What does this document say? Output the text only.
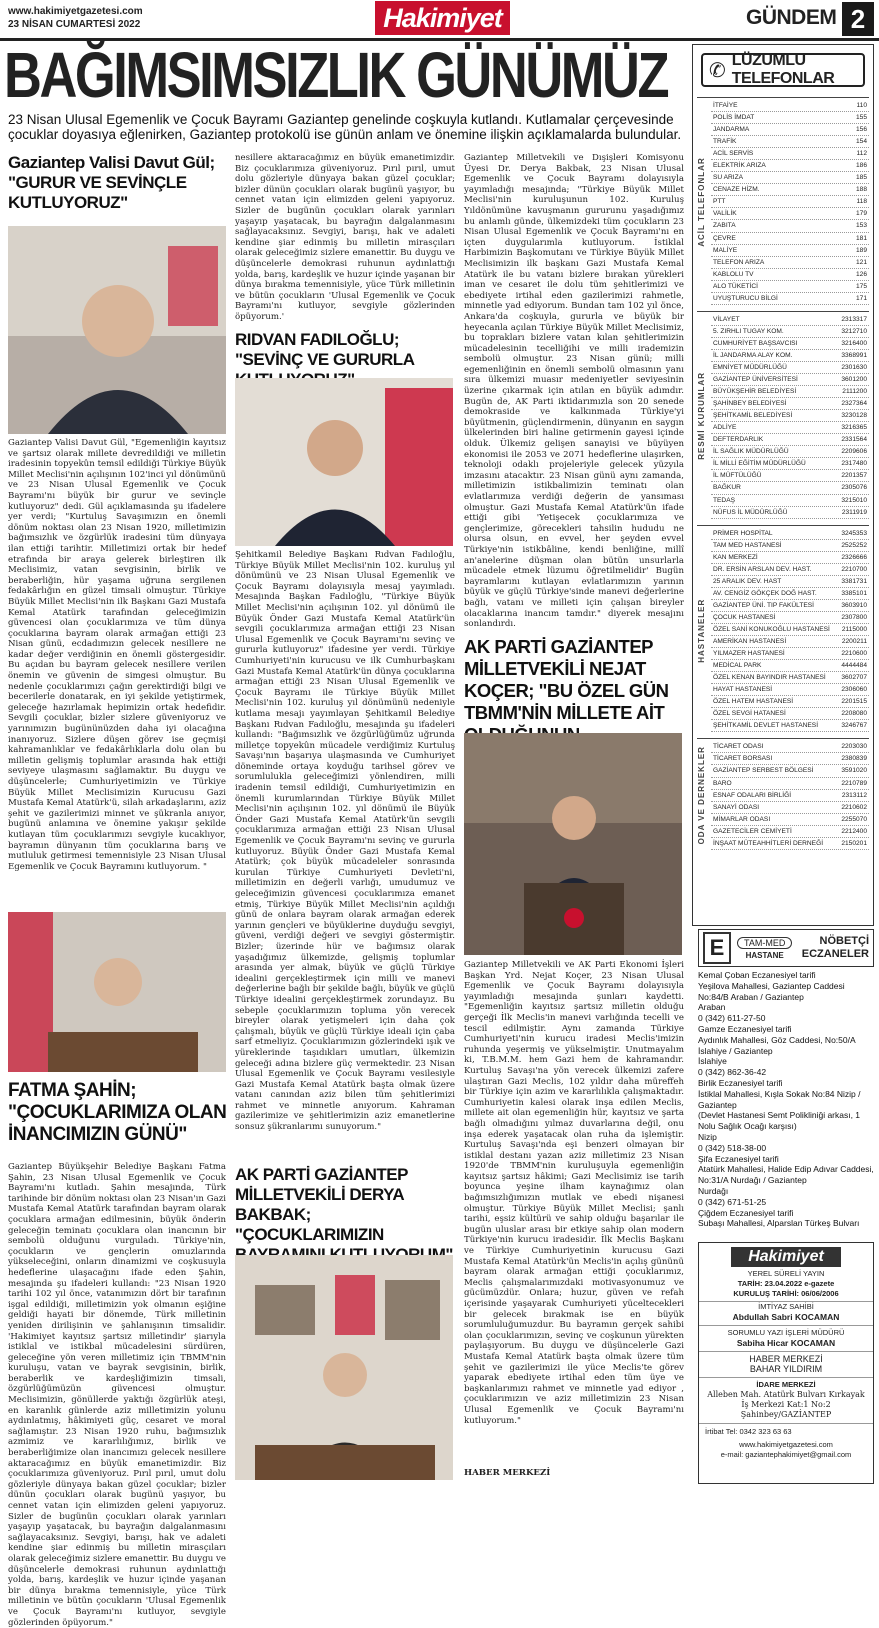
www.hakimiyetgazetesi.com
23 NİSAN CUMARTESİ 2022	Hakimiyet	GÜNDEM 2
BAĞIMSIMSIZLIK GÜNÜMÜZ
23 Nisan Ulusal Egemenlik ve Çocuk Bayramı Gaziantep genelinde coşkuyla kutlandı. Kutlamalar çerçevesinde çocuklar doyasıya eğlenirken, Gaziantep protokolü ise günün anlam ve önemine ilişkin açıklamalarda bulundular.
Gaziantep Valisi Davut Gül; "GURUR VE SEVİNÇLE KUTLUYORUZ"
Gaziantep Valisi Davut Gül, "Egemenliğin kayıtsız ve şartsız olarak millete devredildiği ve milletin iradesinin topyekûn temsil edildiği Türkiye Büyük Millet Meclisi'nin açılışının 102'inci yıl dönümünü ve 23 Nisan Ulusal Egemenlik ve Çocuk Bayramı'nı büyük bir gurur ve sevinçle kutluyoruz" dedi. Gül açıklamasında şu ifadelere yer verdi; "Kurtuluş Savaşımızın en önemli dönüm noktası olan 23 Nisan 1920, milletimizin bağımsızlık ve özgürlük iradesini tüm dünyaya ilan ettiği tarihtir. Milletimizi ortak bir hedef etrafında bir araya gelerek birleştiren ilk Meclisimiz, vatan sevgisinin, birlik ve beraberliğin, hür yaşama uğruna sergilenen fedakârlığın en güzel timsali olmuştur. Türkiye Büyük Millet Meclisi'nin ilk Başkanı Gazi Mustafa Kemal Atatürk tarafından geleceğimizin güvencesi olan çocuklarımıza ve tüm dünya çocuklarına bayram olarak armağan ettiği 23 Nisan günü, ecdadımızın gelecek nesillere ne kadar değer verdiğinin en önemli göstergesidir. Bu açıdan bu bayram gelecek nesillere verilen önemin ve güvenin de simgesi olmuştur. Bu nedenle çocuklarımızı çağın gerektirdiği bilgi ve becerilerle donatarak, en iyi şekilde yetiştirmek, geleceğe hazırlamak hepimizin ortak hedefidir. Sevgili çocuklar, bizler sizlere güveniyoruz ve yarınımızın bugününüzden daha iyi olacağına inanıyoruz. Sizlere düşen görev ise geçmişi kahramanlıklar ve fedakârlıklarla dolu olan bu milletin gelişmiş toplumlar arasında hak ettiği seviyeye ulaşmasını sağlamaktır. Bu duygu ve düşüncelerle; Cumhuriyetimizin ve Türkiye Büyük Millet Meclisimizin Kurucusu Gazi Mustafa Kemal Atatürk'ü, silah arkadaşlarını, aziz şehit ve gazilerimizi minnet ve şükranla anıyor, bugünü anlamına ve önemine yakışır şekilde kutlayan tüm çocuklarımızı sevgiyle kucaklıyor, bayramın dünyanın tüm çocuklarına barış ve mutluluk getirmesi temennisiyle 23 Nisan Ulusal Egemenlik ve Çocuk Bayramını kutluyorum. "
FATMA ŞAHİN; "ÇOCUKLARIMIZA OLAN İNANCIMIZIN GÜNÜ"
Gaziantep Büyükşehir Belediye Başkanı Fatma Şahin, 23 Nisan Ulusal Egemenlik ve Çocuk Bayramı'nı kutladı. Şahin mesajında, Türk tarihinde bir dönüm noktası olan 23 Nisan'ın Gazi Mustafa Kemal Atatürk tarafından bayram olarak çocuklara armağan edilmesinin, büyük önderin geleceğin teminatı çocuklara olan inancının bir sembolü olduğunu vurguladı. Türkiye'nin, çocukların ve gençlerin omuzlarında yükseleceğini, onların dinamizmi ve coşkusuyla hedeflerine ulaşacağını ifade eden Şahin, mesajında şu ifadeleri kullandı: "23 Nisan 1920 tarihi 102 yıl önce, vatanımızın dört bir tarafının işgal edildiği, milletimizin yok olmanın eşiğine geldiği hayati bir dönemde, Türk milletinin yeniden dirilişinin ve şahlanışının timsalidir. 'Hakimiyet kayıtsız şartsız milletindir' şiarıyla istiklal ve istikbal mücadelesini sürdüren, geleceğine yön veren milletimiz için TBMM'nin kuruluşu, vatan ve bayrak sevgisinin, birlik, beraberlik ve kardeşliğimizin timsali, özgürlüğümüzün güvencesi olmuştur. Meclisimizin, gönüllerde yaktığı özgürlük ateşi, en karanlık günlerde aziz milletimizin yolunu aydınlatmış, hâkimiyeti güç, cesaret ve moral sağlamıştır. 23 Nisan 1920 ruhu, bağımsızlık azmimiz ve kararlılığımız, birlik ve beraberliğimize olan inancımızı gelecek nesillere aktaracağımız en büyük emanetimizdir. Biz çocuklarımıza güveniyoruz. Pırıl pırıl, umut dolu gözleriyle dünyaya bakan güzel çocuklar; bizler dünün çocukları olarak bugünü yaşıyor, bu cennet vatan için elimizden geleni yapıyoruz. Sizler de bugünün çocukları olarak yarınları yaşayıp yaşatacak, bu bayrağın dalgalanmasını sağlayacaksınız. Sevgiyi, barışı, hak ve adaleti kendine şiar edinmiş bu milletin mirasçıları olarak geleceğimiz sizlere emanettir. Bu duygu ve düşüncelerle demokrasi ruhunun aydınlattığı yolda, barış, kardeşlik ve huzur içinde yaşanan bir dünya bırakma temennisiyle, yüce Türk milletinin ve bütün çocukların 'Ulusal Egemenlik ve Çocuk Bayramı'nı kutluyor, sevgiyle gözlerinden öpüyorum."
nesillere aktaracağımız en büyük emanetimizdir. Biz çocuklarımıza güveniyoruz. Pırıl pırıl, umut dolu gözleriyle dünyaya bakan güzel çocuklar; bizler dünün çocukları olarak bugünü yaşıyor, bu cennet vatan için elimizden geleni yapıyoruz. Sizler de bugünün çocukları olarak yarınları yaşayıp yaşatacak, bu bayrağın dalgalanmasını sağlayacaksınız. Sevgiyi, barışı, hak ve adaleti kendine şiar edinmiş bu milletin mirasçıları olarak geleceğimiz sizlere emanettir. Bu duygu ve düşüncelerle demokrasi ruhunun aydınlattığı yolda, barış, kardeşlik ve huzur içinde yaşanan bir dünya bırakma temennisiyle, yüce Türk milletinin ve bütün çocukların 'Ulusal Egemenlik ve Çocuk Bayramı'nı kutluyor, sevgiyle gözlerinden öpüyorum.'
RIDVAN FADILOĞLU; "SEVİNÇ VE GURURLA
Şehitkamil Belediye Başkanı Rıdvan Fadıloğlu, Türkiye Büyük Millet Meclisi'nin 102. kuruluş yıl dönümünü ve 23 Nisan Ulusal Egemenlik ve Çocuk Bayramı dolayısıyla mesaj yayımladı. Mesajında Başkan Fadıloğlu, "Türkiye Büyük Millet Meclisi'nin açılışının 102. yıl dönümü ile Büyük Önder Gazi Mustafa Kemal Atatürk'ün sevgili çocuklarımıza armağan ettiği 23 Nisan Ulusal Egemenlik ve Çocuk Bayramı'nı sevinç ve gururla kutluyoruz" ifadesine yer verdi. Türkiye Cumhuriyeti'nin kurucusu ve ilk Cumhurbaşkanı Gazi Mustafa Kemal Atatürk'ün dünya çocuklarına armağan ettiği 23 Nisan Ulusal Egemenlik ve Çocuk Bayramı ile Türkiye Büyük Millet Meclisi'nin 102. kuruluş yıl dönümünü nedeniyle kutlama mesajı yayımlayan Şehitkamil Belediye Başkanı Rıdvan Fadıloğlu, mesajında şu ifadeleri kullandı: "Bağımsızlık ve özgürlüğümüz uğrunda milletçe topyekûn mücadele verdiğimiz Kurtuluş Savaşı'nın başarıya ulaşmasında ve Cumhuriyet döneminde ortaya koyduğu tarihsel görev ve sorumlulukla geleceğimizi yönlendiren, milli iradenin temsil edildiği, Cumhuriyetimizin en önemli kurumlarından Türkiye Büyük Millet Meclisi'nin açılışının 102. yıl dönümü ile Büyük Önder Gazi Mustafa Kemal Atatürk'ün sevgili çocuklarımıza armağan ettiği 23 Nisan Ulusal Egemenlik ve Çocuk Bayramı'nı sevinç ve gururla kutluyoruz. Büyük Önder Gazi Mustafa Kemal Atatürk; çok büyük mücadeleler sonrasında kurulan Türkiye Cumhuriyeti Devleti'ni, milletimizin en değerli varlığı, umudumuz ve geleceğimizin güvencesi çocuklarımıza emanet etmiş, Türkiye Büyük Millet Meclisi'nin açıldığı günü de onlara bayram olarak armağan ederek yarının gençleri ve büyüklerine duyduğu sevgiyi, güveni, verdiği değeri ve sevgiyi göstermiştir. Bizler; üzerinde hür ve bağımsız olarak yaşadığımız ülkemizde, gelişmiş toplumlar arasında yer almak, büyük ve güçlü Türkiye idealini gerçekleştirmek için milli ve manevi değerlerine bağlı bir şekilde bağlı, büyük ve güçlü Türkiye idealini gerçekleştirmek zorundayız. Bu sebeple çocuklarımızın topluma yön verecek bireyler olarak yetişmeleri için daha çok çalışmalı, büyük ve güçlü Türkiye ideali için çaba sarf etmeliyiz. Çocuklarımızın gözlerindeki ışık ve yüreklerinde taşıdıkları umutları, ülkemizin geleceği adına bizlere güç vermektedir. 23 Nisan Ulusal Egemenlik ve Çocuk Bayramı vesilesiyle Gazi Mustafa Kemal Atatürk başta olmak üzere vatanı canından aziz bilen tüm şehitlerimizi rahmet ve minnetle anıyorum. Kahraman gazilerimize ve şehitlerimizin aziz emanetlerine sonsuz şükranlarımı sunuyorum."
AK PARTİ GAZİANTEP MİLLETVEKİLİ DERYA BAKBAK; "ÇOCUKLARIMIZIN
Gaziantep Milletvekili ve Dışişleri Komisyonu Üyesi Dr. Derya Bakbak, 23 Nisan Ulusal Egemenlik ve Çocuk Bayramı dolayısıyla yayımladığı mesajında; "Türkiye Büyük Millet Meclisi'nin kuruluşunun 102. Kuruluş Yıldönümüne kavuşmanın gururunu yaşadığımız bu anlamlı günde, ülkemizdeki tüm çocukların 23 Nisan Ulusal Egemenlik ve Çocuk Bayramı'nı en içten duygularımla kutluyorum. İstiklal Harbimizin Başkomutanı ve Türkiye Büyük Millet Meclisimizin ilk başkanı Gazi Mustafa Kemal Atatürk ile bu vatanı bizlere bırakan yürekleri iman ve cesaret ile dolu tüm şehitlerimizi ve ebediyete irtihal eden gazilerimizi rahmetle, minnetle yad ediyorum. Bundan tam 102 yıl önce, Ankara'da coşkuyla, gururla ve büyük bir heyecanla açılan Türkiye Büyük Millet Meclisimiz, bu toprakları bizlere vatan kılan şehitlerimizin mücadelesinin tecelliğihi ve milli irademizin sembolü olmuştur. 23 Nisan günü; milli egemenliğinin en önemli sembolü olmasının yanı sıra ülkemizi muasır medeniyetler seviyesinin üzerine çıkarmak için atılan en büyük adımdır. Bugün de, AK Parti iktidarımızla son 20 senede demokraside ve kalkınmada Türkiye'yi büyütmenin, güçlendirmenin, dünyanın en saygın ülkelerinden biri haline getirmenin gayesi içinde olduk. Ülkemiz gelişen sanayisi ve büyüyen ekonomisi ile 2053 ve 2071 hedeflerine ulaşırken, teknoloji odaklı projeleriyle gelecek yüzyıla imzasını atacaktır. 23 Nisan günü aynı zamanda, milletimizin istikbalimizin teminatı olan evlatlarımıza verdiği değerin de yansıması olmuştur. Gazi Mustafa Kemal Atatürk'ün ifade ettiği gibi 'Yetişecek çocuklarımıza ve gençlerimize, görecekleri tahsilin hududu ne olursa olsun, en evvel, her şeyden evvel Türkiye'nin istikbâline, kendi benliğine, millî an'anelerine düşman olan bütün unsurlarla mücadele etmek lüzumu öğretilmelidir' Bugün bayramlarını kutlayan evlatlarımızın yarının büyük ve güçlü Türkiye'sinde manevi değerlerine bağlı, vatanı ve milleti için çalışan bireyler olacaklarına inancım tamdır." diyerek mesajını sonlandırdı.
AK PARTİ GAZİANTEP MİLLETVEKİLİ NEJAT KOÇER; "BU ÖZEL GÜN TBMM'NİN MİLLETE AİT
Gaziantep Milletvekili ve AK Parti Ekonomi İşleri Başkan Yrd. Nejat Koçer, 23 Nisan Ulusal Egemenlik ve Çocuk Bayramı dolayısıyla yayımladığı mesajında şunları kaydetti. "Egemenliğin kayıtsız şartsız milletin olduğu gerçeği İlk Meclis'in manevi varlığında tecelli ve tescil edilmiştir. Aynı zamanda Türkiye Cumhuriyeti'nin kurucu iradesi Meclis'imizin ruhunda yeşermiş ve yükselmiştir. Unutmayalım ki, T.B.M.M. hem Gazi hem de kahramandır. Kurtuluş Savaşı'na yön verecek ülkemizi zafere ulaştıran Gazi Meclis, 102 yıldır daha müreffeh bir Türkiye için azim ve kararlılıkla çalışmaktadır. Cumhuriyetin kalesi olarak inşa edilen Meclis, millete ait olan egemenliğin hür, kayıtsız ve şarta bağlı olmadığını yılmaz duvarlarına değil, onu inşa ederek yaşatacak olan ruha da işlemiştir. Kurtuluş Savaşı'nda eşi benzeri olmayan bir istiklal destanı yazan aziz milletimiz 23 Nisan 1920'de TBMM'nin kuruluşuyla egemenliğin kayıtsız şartsız hâkimi; Gazi Meclisimiz ise tarih boyunca yeşine ilham kaynağımız olan bağımsızlığımızın mutlak ve ebedi nişanesi olmuştur. Türkiye Büyük Millet Meclisi; şanlı tarihi, eşsiz kültürü ve sahip olduğu başarılar ile bugün uluslar arası bir etkiye sahip olan modern Türkiye'nin kurucu iradesidir. İlk Meclis Başkanı ve Türkiye Cumhuriyetinin kurucusu Gazi Mustafa Kemal Atatürk'ün Meclis'in açılış gününü bayram olarak armağan ettiği çocuklarımız, Meclis çalışmalarımızdaki motivasyonumuz ve gücümüzdür. Onlara; huzur, güven ve refah içerisinde yaşayarak Cumhuriyeti yüceltecekleri bir gelecek bırakmak ise en büyük sorumluluğumuzdur. Bu bayramın gerçek sahibi olan çocuklarımızın, sevinç ve coşkunun yürekten paylaşıyorum. Bu duygu ve düşüncelerle Gazi Mustafa Kemal Atatürk başta olmak üzere tüm şehit ve gazilerimizi ile yüce Meclis'te görev yaparak ebediyete irtihal eden tüm üye ve başkanlarımızı rahmet ve minnetle yad ediyor , çocuklarımızın ve aziz milletimizin 23 Nisan Ulusal Egemenlik ve Çocuk Bayramı'nı kutluyorum."
HABER MERKEZİ
✆ LÜZUMLU TELEFONLAR
ACİL TELEFONLAR
İTFAİYE	110
POLİS İMDAT	155
JANDARMA	156
TRAFİK	154
ACİL SERVİS	112
ELEKTRİK ARIZA	186
SU ARIZA	185
CENAZE HİZM.	188
PTT	118
VALİLİK	179
ZABITA	153
ÇEVRE	181
MALİYE	189
TELEFON ARIZA	121
KABLOLU TV	126
ALO TÜKETİCİ	175
UYUŞTURUCU BİLGİ	171
RESMİ KURUMLAR
VİLAYET	2313317
5. ZIRHLI TUGAY KOM.	3212710
CUMHURİYET BAŞSAVCISI	3216400
İL JANDARMA ALAY KOM.	3368991
EMNİYET MÜDÜRLÜĞÜ	2301630
GAZİANTEP ÜNİVERSİTESİ	3601200
BÜYÜKŞEHİR BELEDİYESİ	2111200
ŞAHİNBEY BELEDİYESİ	2327364
ŞEHİTKAMİL BELEDİYESİ	3230128
ADLİYE	3216365
DEFTERDARLIK	2331564
İL SAĞLIK MÜDÜRLÜĞÜ	2209606
İL MİLLİ EĞİTİM MÜDÜRLÜĞÜ	2317480
İL MÜFTÜLÜĞÜ	2201357
BAĞKUR	2305076
TEDAŞ	3215010
NÜFUS İL MÜDÜRLÜĞÜ	2311919
HASTANELER
PRİMER HOSPİTAL	3245353
TAM MED HASTANESİ	2525252
KAN MERKEZİ	2326666
DR. ERSİN ARSLAN DEV. HAST.	2210700
25 ARALIK DEV. HAST	3381731
AV. CENGİZ GÖKÇEK DOĞ HAST.	3385101
GAZİANTEP ÜNİ. TIP FAKÜLTESİ	3603910
ÇOCUK HASTANESİ	2307800
ÖZEL SANİ KONUKOĞLU HASTANESİ 2115000
AMERİKAN HASTANESİ	2200211
YILMAZER HASTANESİ	2210600
MEDİCAL PARK	4444484
ÖZEL KENAN BAYINDIR HASTANESİ 3602707
HAYAT HASTANESİ	2306060
ÖZEL HATEM HASTANESİ	2201515
ÖZEL SEVGİ HATANESİ	2208080
ŞEHİTKAMİL DEVLET HASTANESİ	3246767
ODA VE DERNEKLER	TİCARET ODASI	2203030
TİCARET BORSASI	2380839
GAZİANTEP SERBEST BÖLGESİ	3591020
BARO	2210789
ESNAF ODALARI BİRLİĞİ	2313112
SANAYİ ODASI	2210602
MİMARLAR ODASI	2255070
GAZETECİLER CEMİYETİ	2212400
İNŞAAT MÜTEAHHİTLERİ DERNEĞİ	2150201
E	TAM-MED
HASTANE
NÖBETÇİ
ECZANELER
Kemal Çoban Eczanesiyel tarifi
Yeşilova Mahallesi, Gaziantep Caddesi No:84/B Araban / Gaziantep
Araban
0 (342) 611-27-50
Gamze Eczanesiyel tarifi
Aydınlık Mahallesi, Göz Caddesi, No:50/A İslahiye / Gaziantep
İslahiye
0 (342) 862-36-42
Birlik Eczanesiyel tarifi
İstiklal Mahallesi, Kışla Sokak No:84 Nizip / Gaziantep
(Devlet Hastanesi Semt Polikliniği arkası, 1 Nolu Sağlık Ocağı karşısı)
Nizip
0 (342) 518-38-00
Şifa Eczanesiyel tarifi
Atatürk Mahallesi, Halide Edip Adıvar Caddesi, No:31/A Nurdağı / Gaziantep
Nurdağı
0 (342) 671-51-25
Çiğdem Eczanesiyel tarifi
Subaşı Mahallesi, Alparslan Türkeş Bulvarı
Hakimiyet
YEREL SÜRELİ YAYIN
TARİH: 23.04.2022 e-gazete
KURULUŞ TARİHİ: 06/06/2006
İMTİYAZ SAHİBİ
Abdullah Sabri KOCAMAN
SORUMLU YAZI İŞLERİ MÜDÜRÜ
Sabiha Hicar KOCAMAN
HABER MERKEZİ
BAHAR YILDIRIM
İDARE MERKEZİ
Alleben Mah. Atatürk Bulvarı Kırkayak İş Merkezi Kat:1 No:2 Şahinbey/GAZİANTEP
İrtibat Tel: 0342 323 63 63
www.hakimiyetgazetesi.com
e-mail: gaziantephakimiyet@gmail.com
